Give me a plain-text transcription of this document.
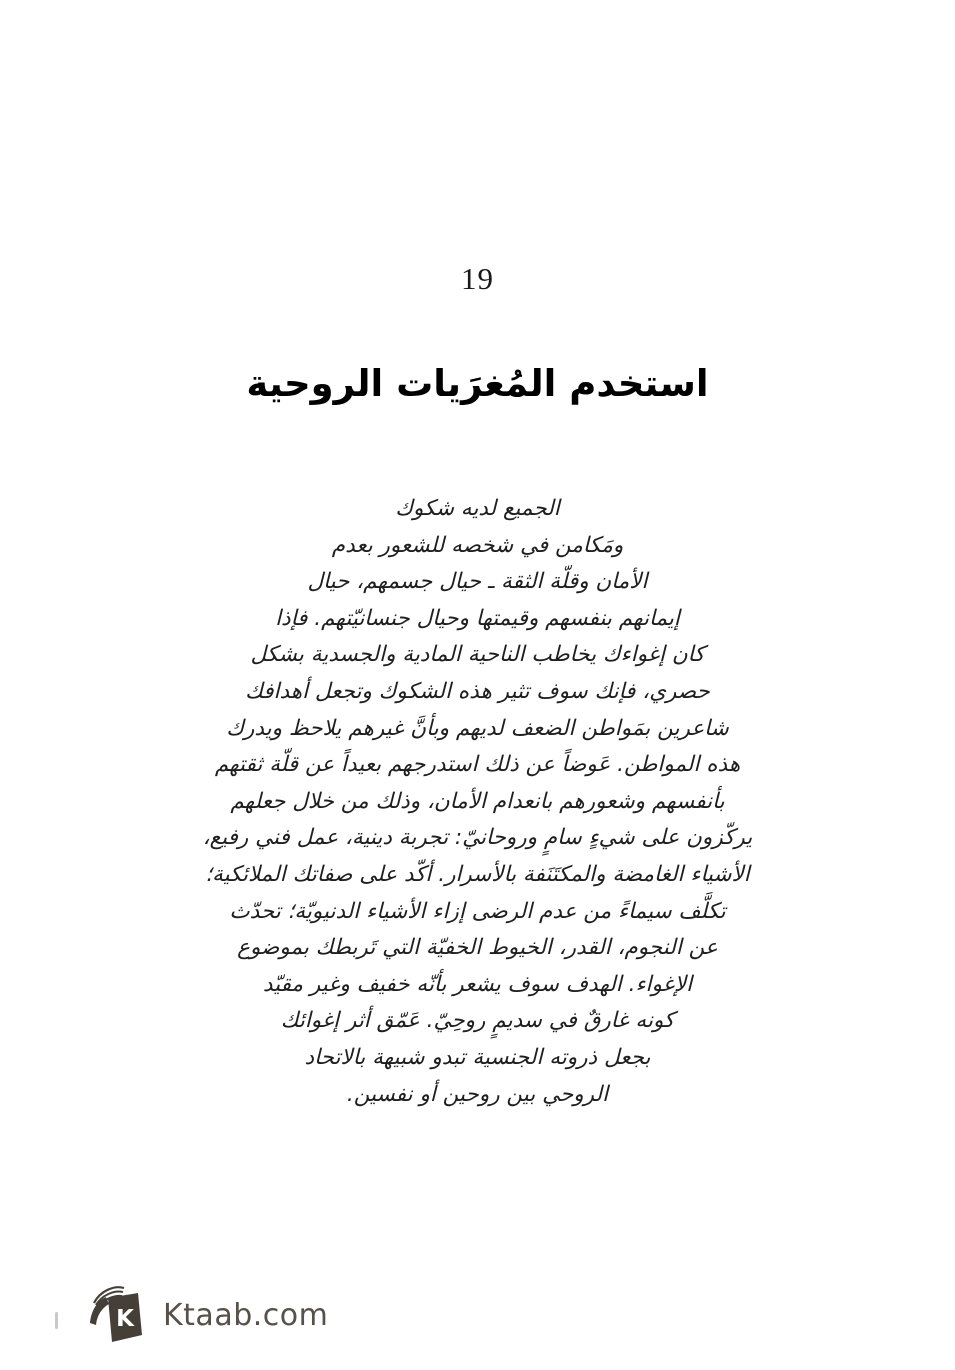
19
استخدم المُغرَيات الروحية
الجميع لديه شكوك
ومَكامن في شخصه للشعور بعدم
الأمان وقلّة الثقة ـ حيال جسمهم، حيال
إيمانهم بنفسهم وقيمتها وحيال جنسانيّتهم. فإذا
كان إغواءك يخاطب الناحية المادية والجسدية بشكل
حصري، فإنك سوف تثير هذه الشكوك وتجعل أهدافك
شاعرين بمَواطن الضعف لديهم وبأنَّ غيرهم يلاحظ ويدرك
هذه المواطن. عَوضاً عن ذلك استدرجهم بعيداً عن قلّة ثقتهم
بأنفسهم وشعورهم بانعدام الأمان، وذلك من خلال جعلهم
يركّزون على شيءٍ سامٍ وروحانيّ: تجربة دينية، عمل فني رفيع،
الأشياء الغامضة والمكتَنَفة بالأسرار. أكّد على صفاتك الملائكية؛
تكلَّف سيماءً من عدم الرضى إزاء الأشياء الدنيويّة؛ تحدّث
عن النجوم، القدر، الخيوط الخفيّة التي تَربطك بموضوع
الإغواء. الهدف سوف يشعر بأنّه خفيف وغير مقيّد
كونه غارقٌ في سديمٍ روحِيّ. عَمّق أثر إغوائك
بجعل ذروته الجنسية تبدو شبيهة بالاتحاد
الروحي بين روحين أو نفسين.
K Ktaab.com
